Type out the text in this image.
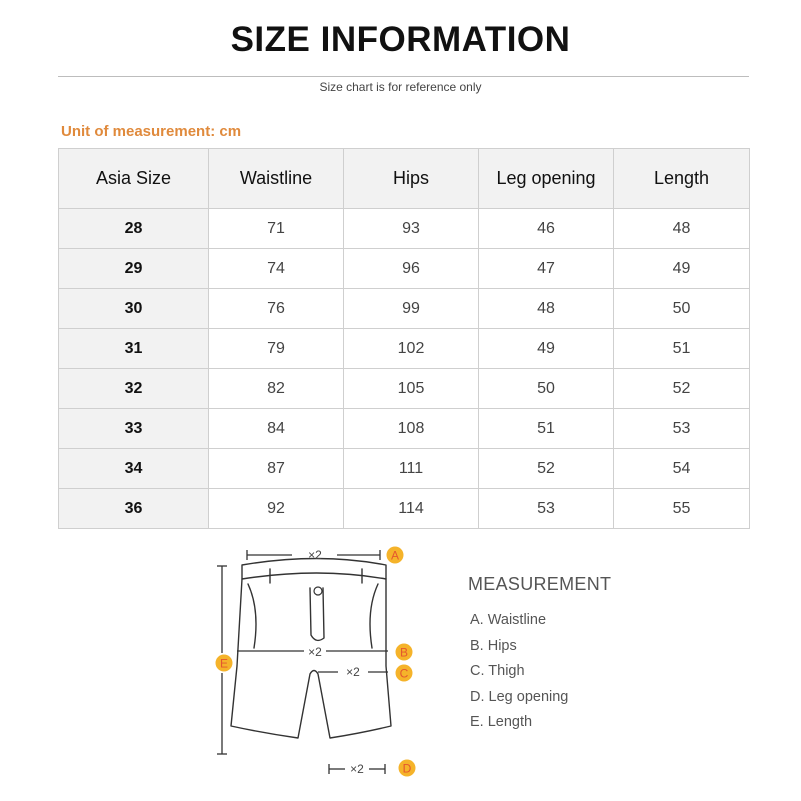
SIZE INFORMATION
Size chart is for reference only
Unit of measurement: cm
Asia Size	Waistline	Hips	Leg opening	Length
28	71	93	46	48
29	74	96	47	49
30	76	99	48	50
31	79	102	49	51
32	82	105	50	52
33	84	108	51	53
34	87	111	52	54
36	92	114	53	55
×2	A
×2	B
×2	C
×2	D
E
MEASUREMENT
A. Waistline
B. Hips
C. Thigh
D. Leg opening
E. Length
